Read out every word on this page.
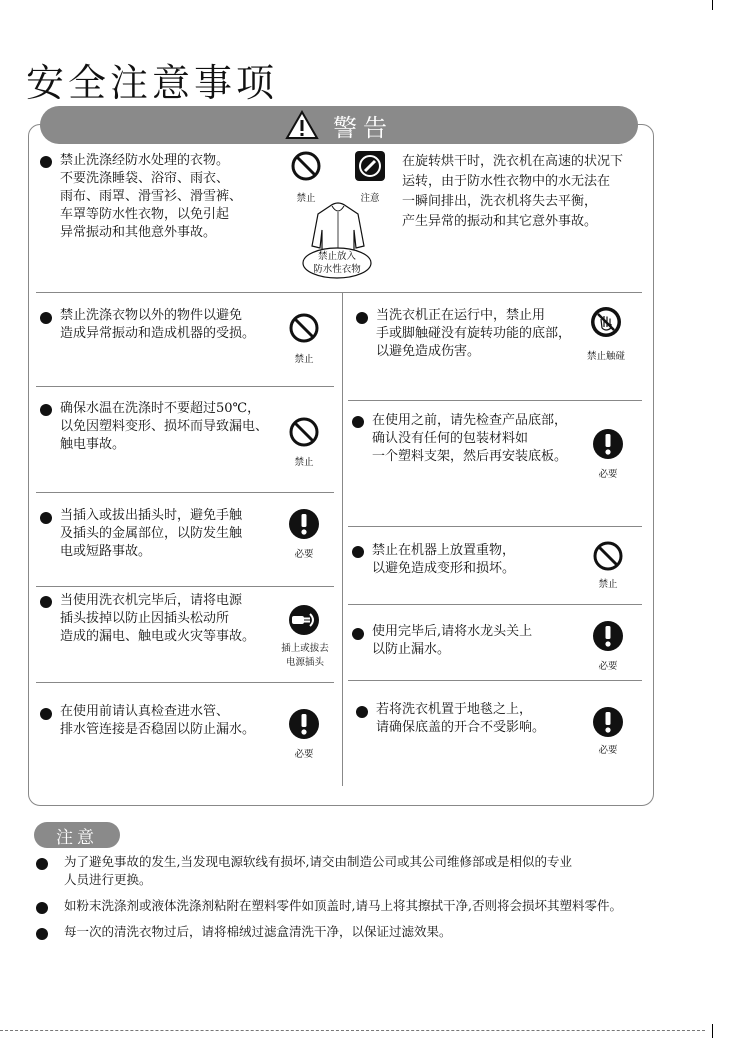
安全注意事项
警告
禁止洗涤经防水处理的衣物。
不要洗涤睡袋、浴帘、雨衣、
雨布、雨罩、滑雪衫、滑雪裤、
车罩等防水性衣物，以免引起
异常振动和其他意外事故。
禁止	注意
禁止放入
防水性衣物
在旋转烘干时，洗衣机在高速的状况下
运转，由于防水性衣物中的水无法在
一瞬间排出，洗衣机将失去平衡，
产生异常的振动和其它意外事故。
禁止洗涤衣物以外的物件以避免
造成异常振动和造成机器的受损。
禁止
确保水温在洗涤时不要超过50℃，
以免因塑料变形、损坏而导致漏电、
触电事故。
禁止
当插入或拔出插头时，避免手触
及插头的金属部位，以防发生触
电或短路事故。	必要
当使用洗衣机完毕后，请将电源
插头拔掉以防止因插头松动所
造成的漏电、触电或火灾等事故。
插上或拔去
电源插头
在使用前请认真检查进水管、
排水管连接是否稳固以防止漏水。
必要
当洗衣机正在运行中，禁止用
手或脚触碰没有旋转功能的底部，
以避免造成伤害。	禁止触碰
在使用之前，请先检查产品底部，
确认没有任何的包装材料如
一个塑料支架，然后再安装底板。
必要
禁止在机器上放置重物，
以避免造成变形和损坏。
禁止
使用完毕后,请将水龙头关上
以防止漏水。
必要
若将洗衣机置于地毯之上，
请确保底盖的开合不受影响。
必要
注意
为了避免事故的发生,当发现电源软线有损坏,请交由制造公司或其公司维修部或是相似的专业
人员进行更换。
如粉末洗涤剂或液体洗涤剂粘附在塑料零件如顶盖时,请马上将其擦拭干净,否则将会损坏其塑料零件。
每一次的清洗衣物过后，请将棉绒过滤盒清洗干净，以保证过滤效果。
